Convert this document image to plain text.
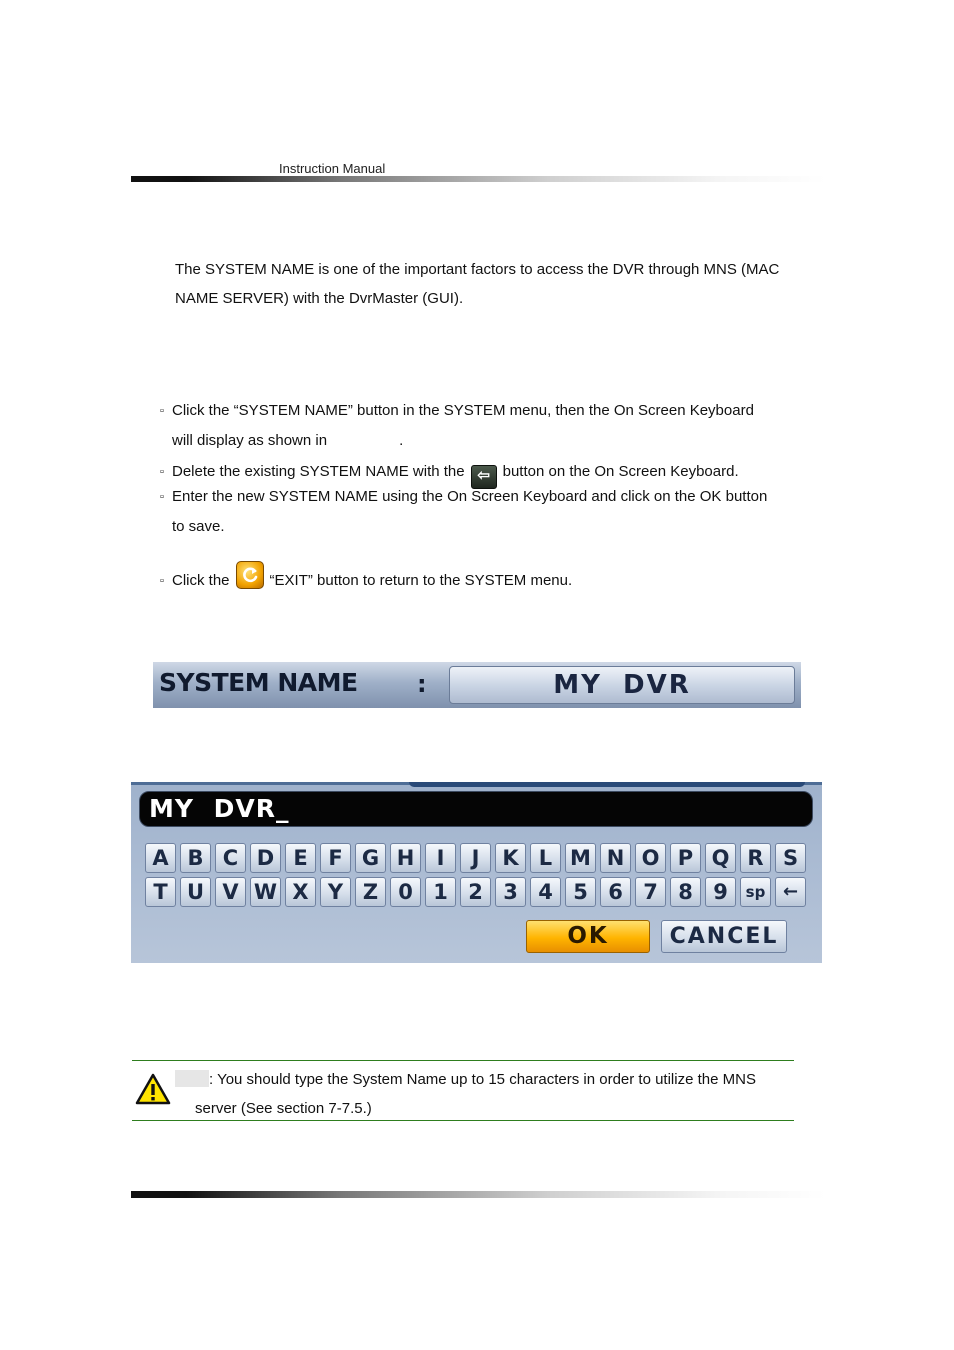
Instruction Manual
The SYSTEM NAME is one of the important factors to access the DVR through MNS (MAC
NAME SERVER) with the DvrMaster (GUI).
▫ Click the “SYSTEM NAME” button in the SYSTEM menu, then the On Screen Keyboard
will display as shown in	.
▫ Delete the existing SYSTEM NAME with the ⇦ button on the On Screen Keyboard.
▫ Enter the new SYSTEM NAME using the On Screen Keyboard and click on the OK button
to save.
▫ Click the	“EXIT” button to return to the SYSTEM menu.
SYSTEM NAME :	MY DVR
MY DVR_
A B C D E F G H	I	J	K L M N O P Q R S
T U V W X Y Z 0 1 2 3 4 5 6 7 8 9	sp ←
OK	CANCEL
: You should type the System Name up to 15 characters in order to utilize the MNS
server (See section 7-7.5.)
